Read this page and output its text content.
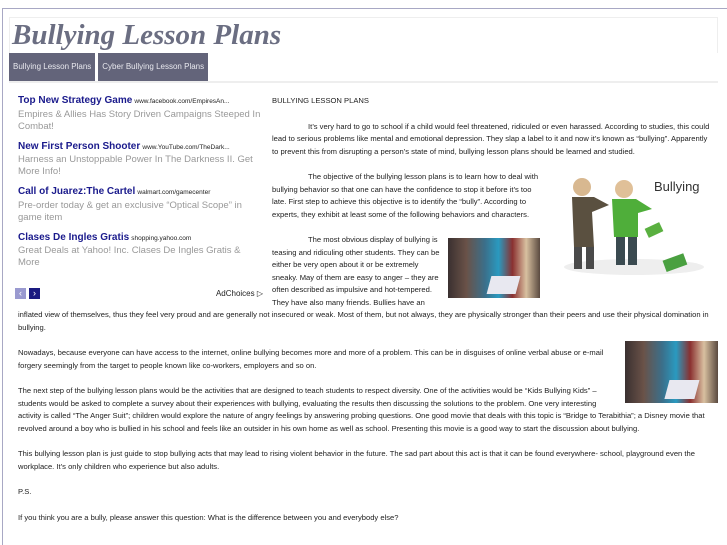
Bullying Lesson Plans
Bullying Lesson Plans	Cyber Bullying Lesson Plans
Top New Strategy Game www.facebook.com/EmpiresAn...
Empires & Allies Has Story Driven Campaigns Steeped In Combat!
New First Person Shooter www.YouTube.com/TheDark...
Harness an Unstoppable Power In The Darkness II. Get More Info!
Call of Juarez:The Cartel walmart.com/gamecenter
Pre-order today & get an exclusive “Optical Scope” in game item
Clases De Ingles Gratis shopping.yahoo.com
Great Deals at Yahoo! Inc. Clases De Ingles Gratis & More
‹	›	AdChoices ▷

BULLYING LESSON PLANS

It’s very hard to go to school if a child would feel threatened, ridiculed or even harassed. According to studies, this could lead to serious problems like mental and emotional depression. They slap a label to it and now it’s known as “bullying”. Apparently to prevent this from disrupting a person’s state of mind, bullying lesson plans should be learned and studied.

Bullying

The objective of the bullying lesson plans is to learn how to deal with bullying behavior so that one can have the confidence to stop it before it’s too late. First step to achieve this objective is to identify the “bully”. According to experts, they exhibit at least some of the following behaviors and characters.

The most obvious display of bullying is teasing and ridiculing other students. They can be either be very open about it or be extremely sneaky. May of them are easy to anger – they are often described as impulsive and hot-tempered. They have also many friends. Bullies have an inflated view of themselves, thus they feel very proud and are generally not insecured or weak. Most of them, but not always, they are physically stronger than their peers and use their physical domination in bullying.

Nowadays, because everyone can have access to the internet, online bullying becomes more and more of a problem. This can be in disguises of online verbal abuse or e-mail forgery seemingly from the target to people known like co-workers, employers and so on.

The next step of the bullying lesson plans would be the activities that are designed to teach students to respect diversity. One of the activities would be “Kids Bullying Kids” – students would be asked to complete a survey about their experiences with bullying, evaluating the results then discussing the solutions to the problem. One very interesting activity is called “The Anger Suit”; children would explore the nature of angry feelings by answering probing questions. One good movie that deals with this topic is “Bridge to Terabithia”; a Disney movie that revolved around a boy who is bullied in his school and feels like an outsider in his own home as well as school. Presenting this movie is a good way to start the discussion about bullying.

This bullying lesson plan is just guide to stop bullying acts that may lead to rising violent behavior in the future. The sad part about this act is that it can be found everywhere- school, playground even the workplace. It’s only children who experience but also adults.

P.S.

If you think you are a bully, please answer this question: What is the difference between you and everybody else?
